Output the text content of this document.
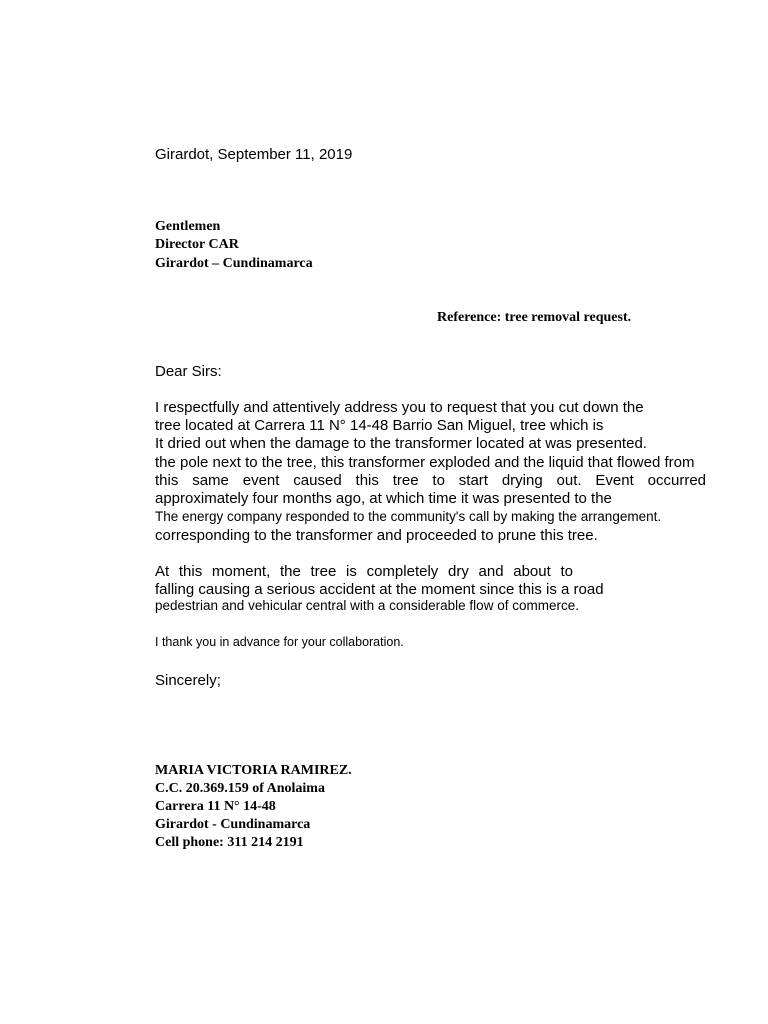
Girardot, September 11, 2019

Gentlemen

Director CAR

Girardot – Cundinamarca

Reference: tree removal request.

Dear Sirs:

I respectfully and attentively address you to request that you cut down the

tree located at Carrera 11 N° 14-48 Barrio San Miguel, tree which is

It dried out when the damage to the transformer located at was presented.

the pole next to the tree, this transformer exploded and the liquid that flowed from

this same event caused this tree to start drying out. Event occurred

approximately four months ago, at which time it was presented to the

The energy company responded to the community's call by making the arrangement.

corresponding to the transformer and proceeded to prune this tree.

At this moment, the tree is completely dry and about to

falling causing a serious accident at the moment since this is a road

pedestrian and vehicular central with a considerable flow of commerce.

I thank you in advance for your collaboration.

Sincerely;

MARIA VICTORIA RAMIREZ.

C.C. 20.369.159 of Anolaima

Carrera 11 N° 14-48

Girardot - Cundinamarca

Cell phone: 311 214 2191
